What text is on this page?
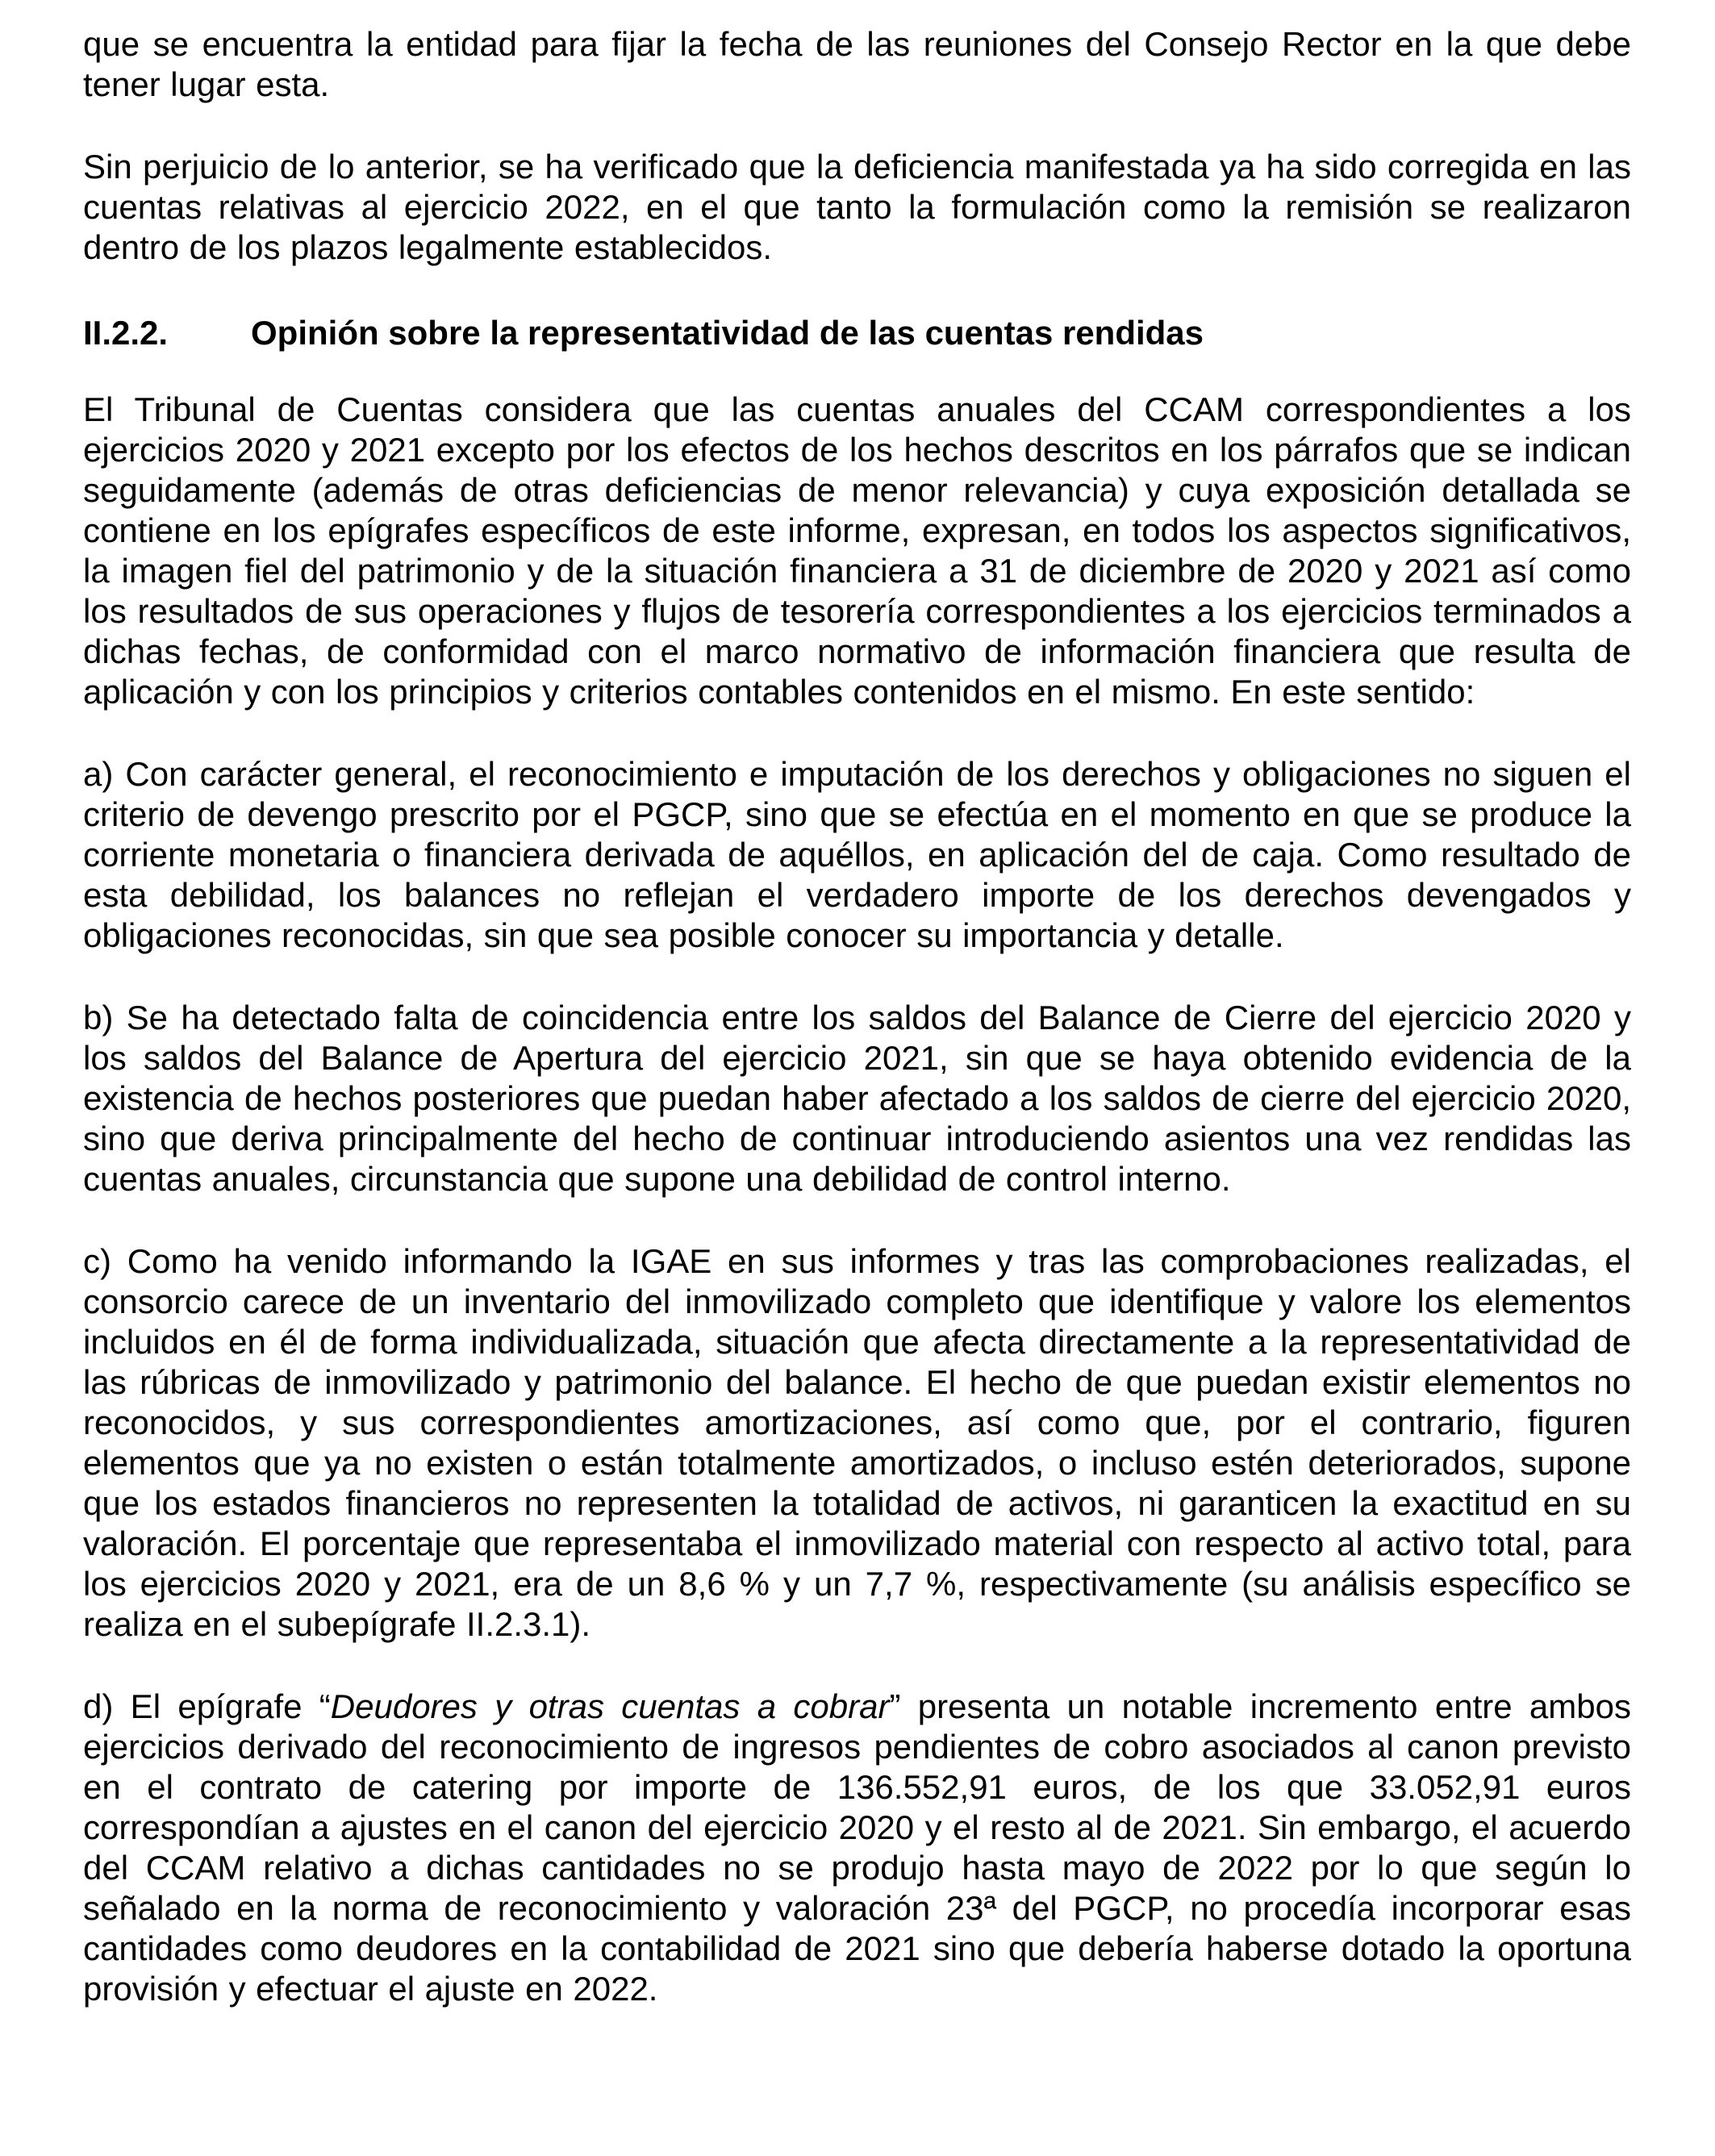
que se encuentra la entidad para fijar la fecha de las reuniones del Consejo Rector en la que debe tener lugar esta.

Sin perjuicio de lo anterior, se ha verificado que la deficiencia manifestada ya ha sido corregida en las cuentas relativas al ejercicio 2022, en el que tanto la formulación como la remisión se realizaron dentro de los plazos legalmente establecidos.

II.2.2.	Opinión sobre la representatividad de las cuentas rendidas

El Tribunal de Cuentas considera que las cuentas anuales del CCAM correspondientes a los ejercicios 2020 y 2021 excepto por los efectos de los hechos descritos en los párrafos que se indican seguidamente (además de otras deficiencias de menor relevancia) y cuya exposición detallada se contiene en los epígrafes específicos de este informe, expresan, en todos los aspectos significativos, la imagen fiel del patrimonio y de la situación financiera a 31 de diciembre de 2020 y 2021 así como los resultados de sus operaciones y flujos de tesorería correspondientes a los ejercicios terminados a dichas fechas, de conformidad con el marco normativo de información financiera que resulta de aplicación y con los principios y criterios contables contenidos en el mismo. En este sentido:

a) Con carácter general, el reconocimiento e imputación de los derechos y obligaciones no siguen el criterio de devengo prescrito por el PGCP, sino que se efectúa en el momento en que se produce la corriente monetaria o financiera derivada de aquéllos, en aplicación del de caja. Como resultado de esta debilidad, los balances no reflejan el verdadero importe de los derechos devengados y obligaciones reconocidas, sin que sea posible conocer su importancia y detalle.

b) Se ha detectado falta de coincidencia entre los saldos del Balance de Cierre del ejercicio 2020 y los saldos del Balance de Apertura del ejercicio 2021, sin que se haya obtenido evidencia de la existencia de hechos posteriores que puedan haber afectado a los saldos de cierre del ejercicio 2020, sino que deriva principalmente del hecho de continuar introduciendo asientos una vez rendidas las cuentas anuales, circunstancia que supone una debilidad de control interno.

c) Como ha venido informando la IGAE en sus informes y tras las comprobaciones realizadas, el consorcio carece de un inventario del inmovilizado completo que identifique y valore los elementos incluidos en él de forma individualizada, situación que afecta directamente a la representatividad de las rúbricas de inmovilizado y patrimonio del balance. El hecho de que puedan existir elementos no reconocidos, y sus correspondientes amortizaciones, así como que, por el contrario, figuren elementos que ya no existen o están totalmente amortizados, o incluso estén deteriorados, supone que los estados financieros no representen la totalidad de activos, ni garanticen la exactitud en su valoración. El porcentaje que representaba el inmovilizado material con respecto al activo total, para los ejercicios 2020 y 2021, era de un 8,6 % y un 7,7 %, respectivamente (su análisis específico se realiza en el subepígrafe II.2.3.1).

d) El epígrafe “Deudores y otras cuentas a cobrar” presenta un notable incremento entre ambos ejercicios derivado del reconocimiento de ingresos pendientes de cobro asociados al canon previsto en el contrato de catering por importe de 136.552,91 euros, de los que 33.052,91 euros correspondían a ajustes en el canon del ejercicio 2020 y el resto al de 2021. Sin embargo, el acuerdo del CCAM relativo a dichas cantidades no se produjo hasta mayo de 2022 por lo que según lo señalado en la norma de reconocimiento y valoración 23ª del PGCP, no procedía incorporar esas cantidades como deudores en la contabilidad de 2021 sino que debería haberse dotado la oportuna provisión y efectuar el ajuste en 2022.
